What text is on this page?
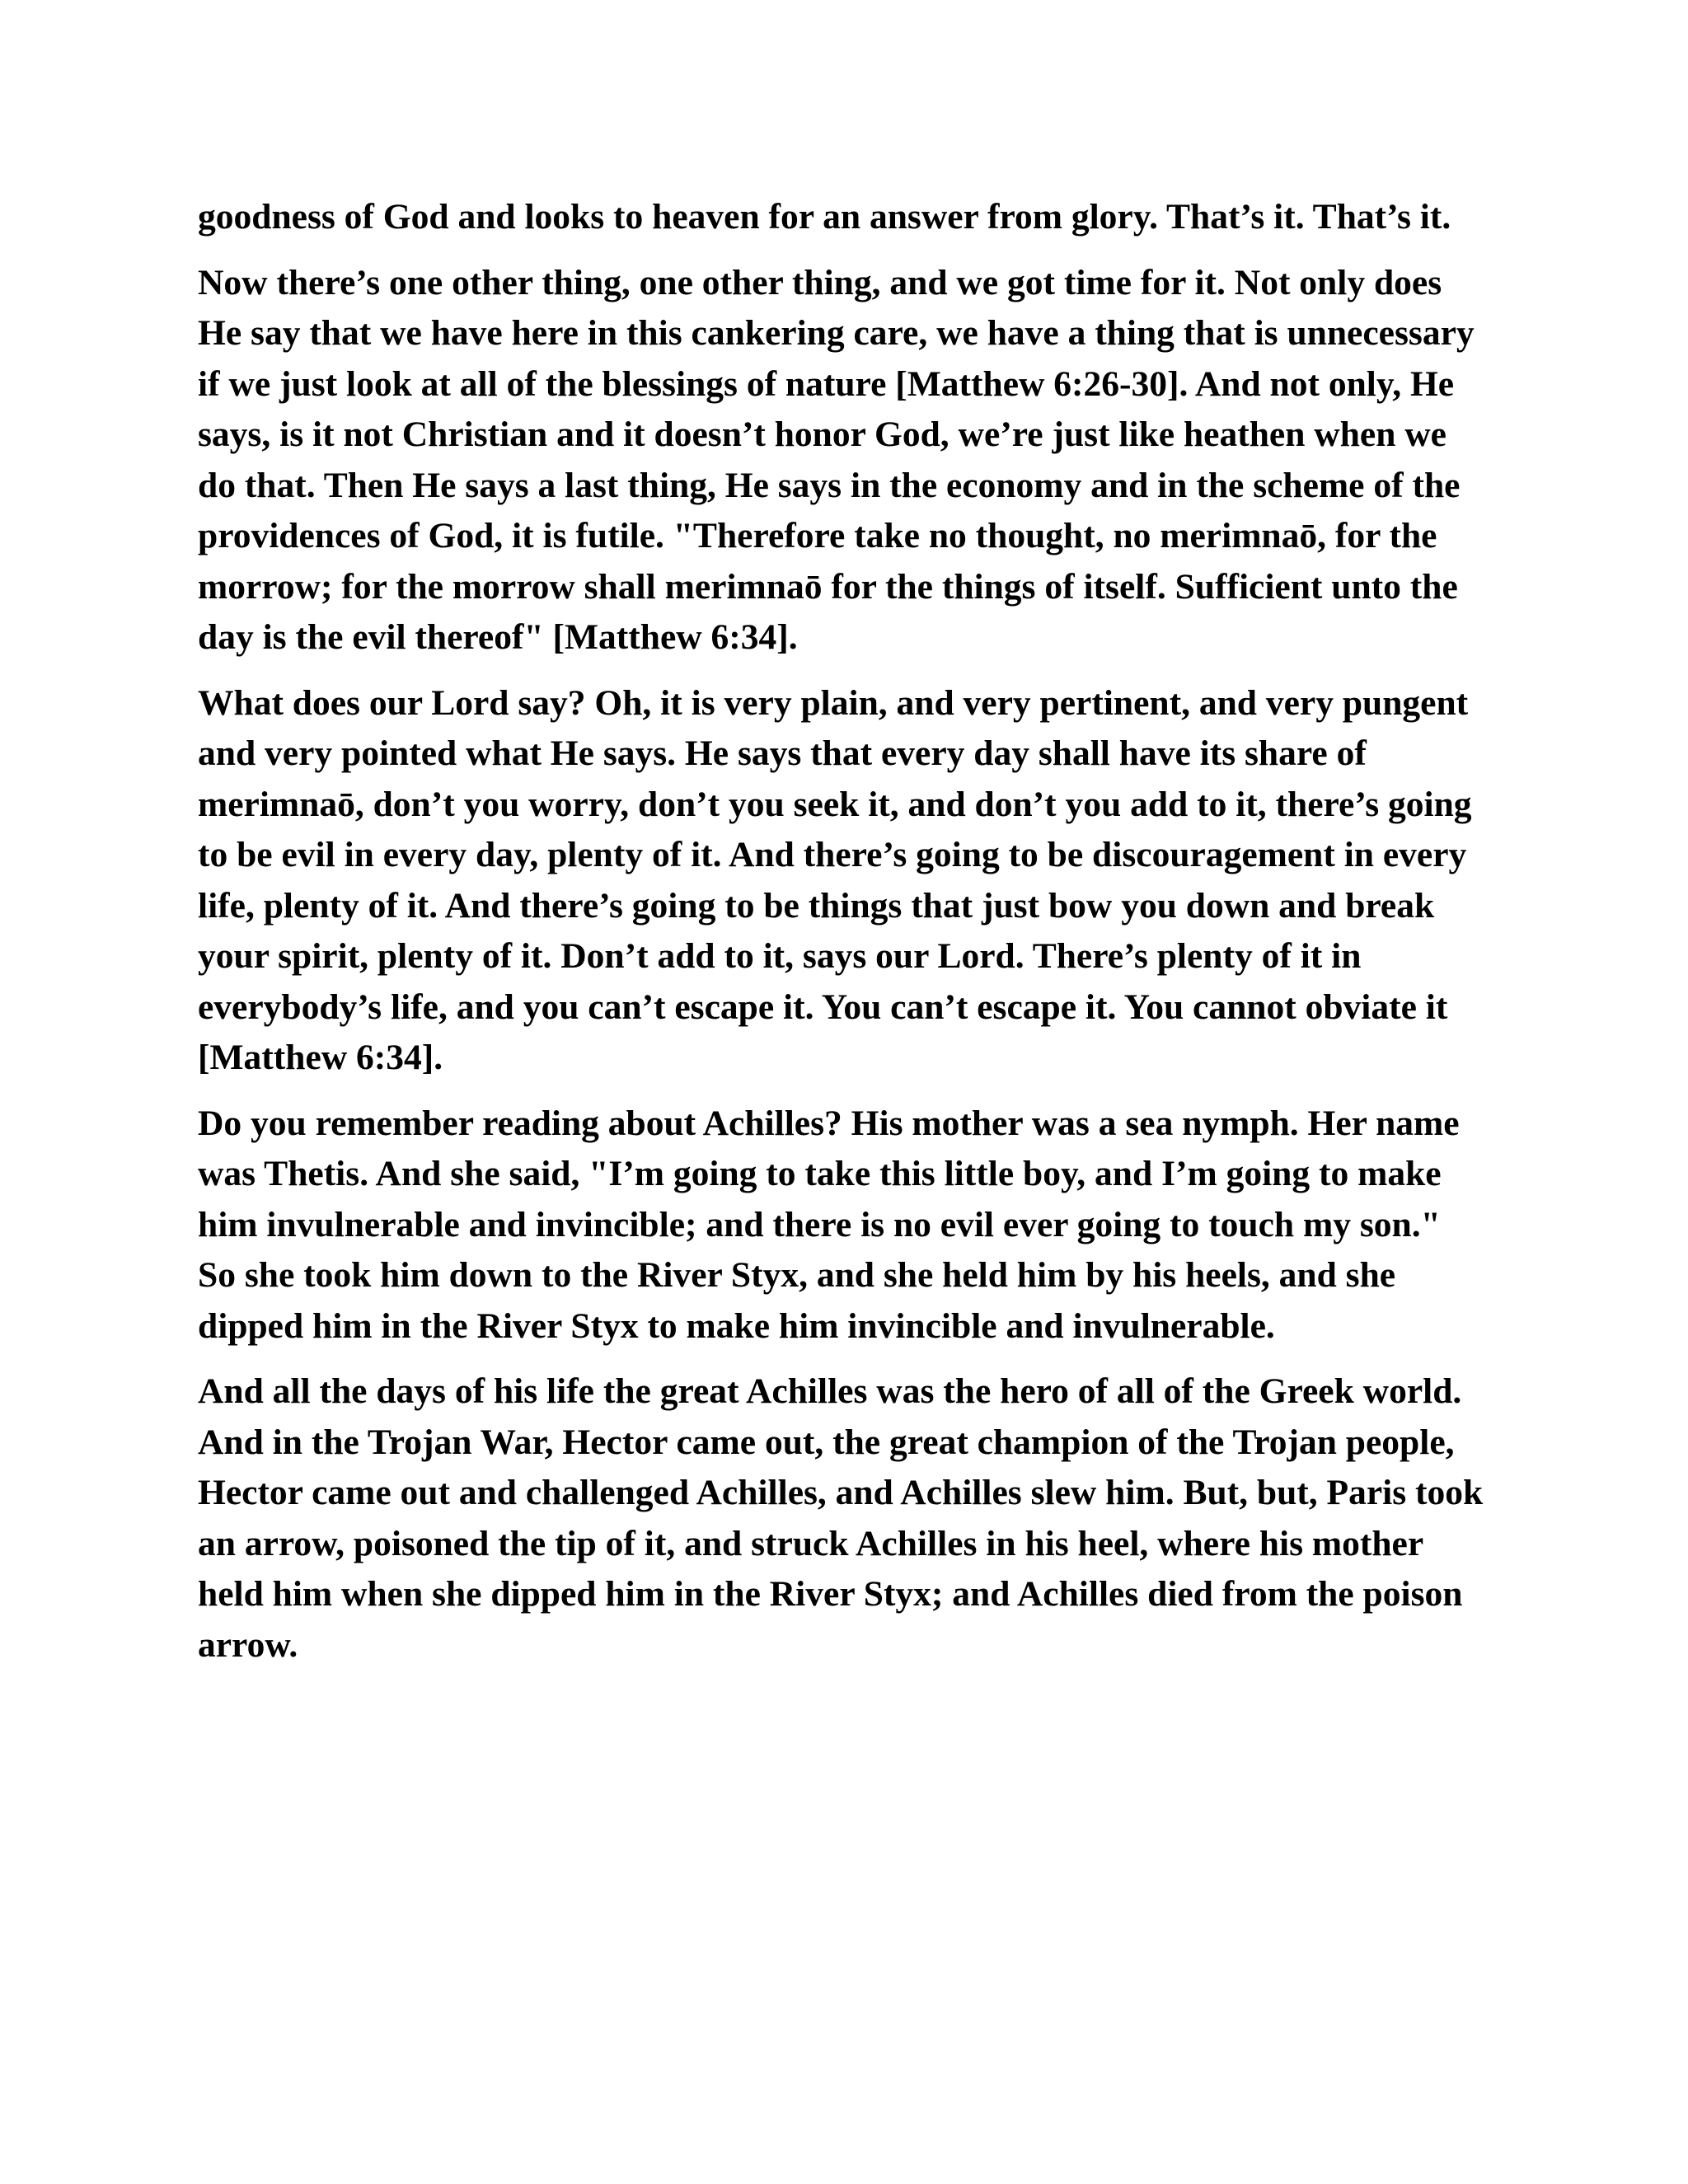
goodness of God and looks to heaven for an answer from glory. That’s it. That’s it.

Now there’s one other thing, one other thing, and we got time for it. Not only does He say that we have here in this cankering care, we have a thing that is unnecessary if we just look at all of the blessings of nature [Matthew 6:26-30]. And not only, He says, is it not Christian and it doesn’t honor God, we’re just like heathen when we do that. Then He says a last thing, He says in the economy and in the scheme of the providences of God, it is futile. "Therefore take no thought, no merimnaō, for the morrow; for the morrow shall merimnaō for the things of itself. Sufficient unto the day is the evil thereof" [Matthew 6:34].

What does our Lord say? Oh, it is very plain, and very pertinent, and very pungent and very pointed what He says. He says that every day shall have its share of merimnaō, don’t you worry, don’t you seek it, and don’t you add to it, there’s going to be evil in every day, plenty of it. And there’s going to be discouragement in every life, plenty of it. And there’s going to be things that just bow you down and break your spirit, plenty of it. Don’t add to it, says our Lord. There’s plenty of it in everybody’s life, and you can’t escape it. You can’t escape it. You cannot obviate it [Matthew 6:34].

Do you remember reading about Achilles? His mother was a sea nymph. Her name was Thetis. And she said, "I’m going to take this little boy, and I’m going to make him invulnerable and invincible; and there is no evil ever going to touch my son." So she took him down to the River Styx, and she held him by his heels, and she dipped him in the River Styx to make him invincible and invulnerable.

And all the days of his life the great Achilles was the hero of all of the Greek world. And in the Trojan War, Hector came out, the great champion of the Trojan people, Hector came out and challenged Achilles, and Achilles slew him. But, but, Paris took an arrow, poisoned the tip of it, and struck Achilles in his heel, where his mother held him when she dipped him in the River Styx; and Achilles died from the poison arrow.
